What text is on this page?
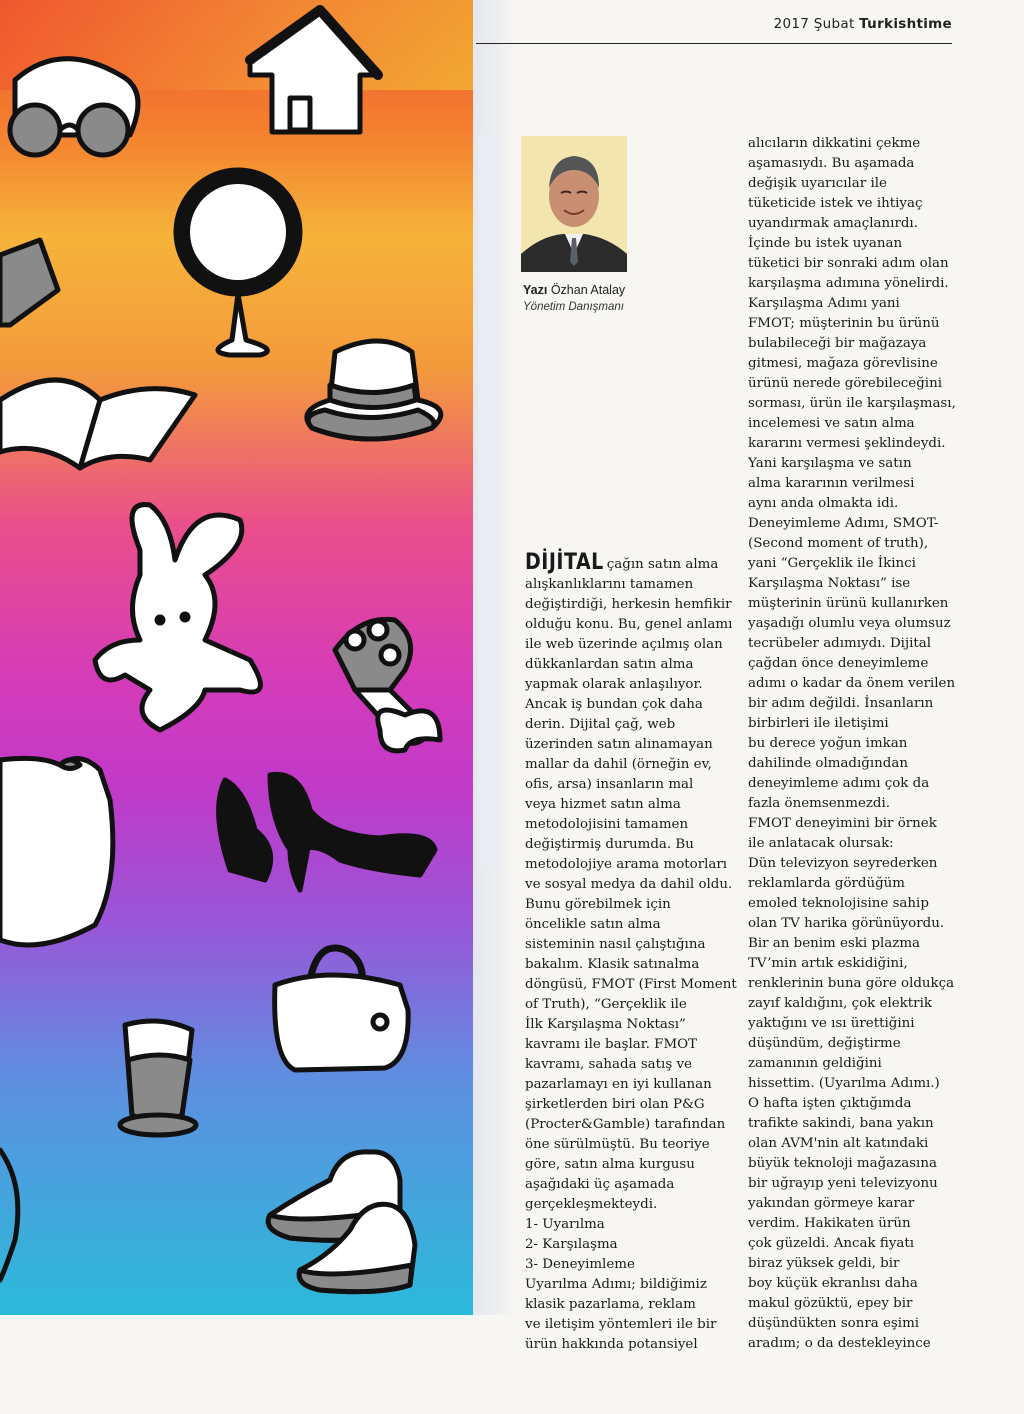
2017 Şubat Turkishtime
Yazı Özhan Atalay
Yönetim Danışmanı
DİJİTAL çağın satın alma
alışkanlıklarını tamamen
değiştirdiği, herkesin hemfikir
olduğu konu. Bu, genel anlamı
ile web üzerinde açılmış olan
dükkanlardan satın alma
yapmak olarak anlaşılıyor.
Ancak iş bundan çok daha
derin. Dijital çağ, web
üzerinden satın alınamayan
mallar da dahil (örneğin ev,
ofis, arsa) insanların mal
veya hizmet satın alma
metodolojisini tamamen
değiştirmiş durumda. Bu
metodolojiye arama motorları
ve sosyal medya da dahil oldu.
Bunu görebilmek için
öncelikle satın alma
sisteminin nasıl çalıştığına
bakalım. Klasik satınalma
döngüsü, FMOT (First Moment
of Truth), “Gerçeklik ile
İlk Karşılaşma Noktası”
kavramı ile başlar. FMOT
kavramı, sahada satış ve
pazarlamayı en iyi kullanan
şirketlerden biri olan P&G
(Procter&Gamble) tarafından
öne sürülmüştü. Bu teoriye
göre, satın alma kurgusu
aşağıdaki üç aşamada
gerçekleşmekteydi.
1- Uyarılma
2- Karşılaşma
3- Deneyimleme
Uyarılma Adımı; bildiğimiz
klasik pazarlama, reklam
ve iletişim yöntemleri ile bir
ürün hakkında potansiyel
alıcıların dikkatini çekme
aşamasıydı. Bu aşamada
değişik uyarıcılar ile
tüketicide istek ve ihtiyaç
uyandırmak amaçlanırdı.
İçinde bu istek uyanan
tüketici bir sonraki adım olan
karşılaşma adımına yönelirdi.
Karşılaşma Adımı yani
FMOT; müşterinin bu ürünü
bulabileceği bir mağazaya
gitmesi, mağaza görevlisine
ürünü nerede görebileceğini
sorması, ürün ile karşılaşması,
incelemesi ve satın alma
kararını vermesi şeklindeydi.
Yani karşılaşma ve satın
alma kararının verilmesi
aynı anda olmakta idi.
Deneyimleme Adımı, SMOT-
(Second moment of truth),
yani “Gerçeklik ile İkinci
Karşılaşma Noktası” ise
müşterinin ürünü kullanırken
yaşadığı olumlu veya olumsuz
tecrübeler adımıydı. Dijital
çağdan önce deneyimleme
adımı o kadar da önem verilen
bir adım değildi. İnsanların
birbirleri ile iletişimi
bu derece yoğun imkan
dahilinde olmadığından
deneyimleme adımı çok da
fazla önemsenmezdi.
FMOT deneyimini bir örnek
ile anlatacak olursak:
Dün televizyon seyrederken
reklamlarda gördüğüm
emoled teknolojisine sahip
olan TV harika görünüyordu.
Bir an benim eski plazma
TV’min artık eskidiğini,
renklerinin buna göre oldukça
zayıf kaldığını, çok elektrik
yaktığını ve ısı ürettiğini
düşündüm, değiştirme
zamanının geldiğini
hissettim. (Uyarılma Adımı.)
O hafta işten çıktığımda
trafikte sakindi, bana yakın
olan AVM'nin alt katındaki
büyük teknoloji mağazasına
bir uğrayıp yeni televizyonu
yakından görmeye karar
verdim. Hakikaten ürün
çok güzeldi. Ancak fiyatı
biraz yüksek geldi, bir
boy küçük ekranlısı daha
makul gözüktü, epey bir
düşündükten sonra eşimi
aradım; o da destekleyince
